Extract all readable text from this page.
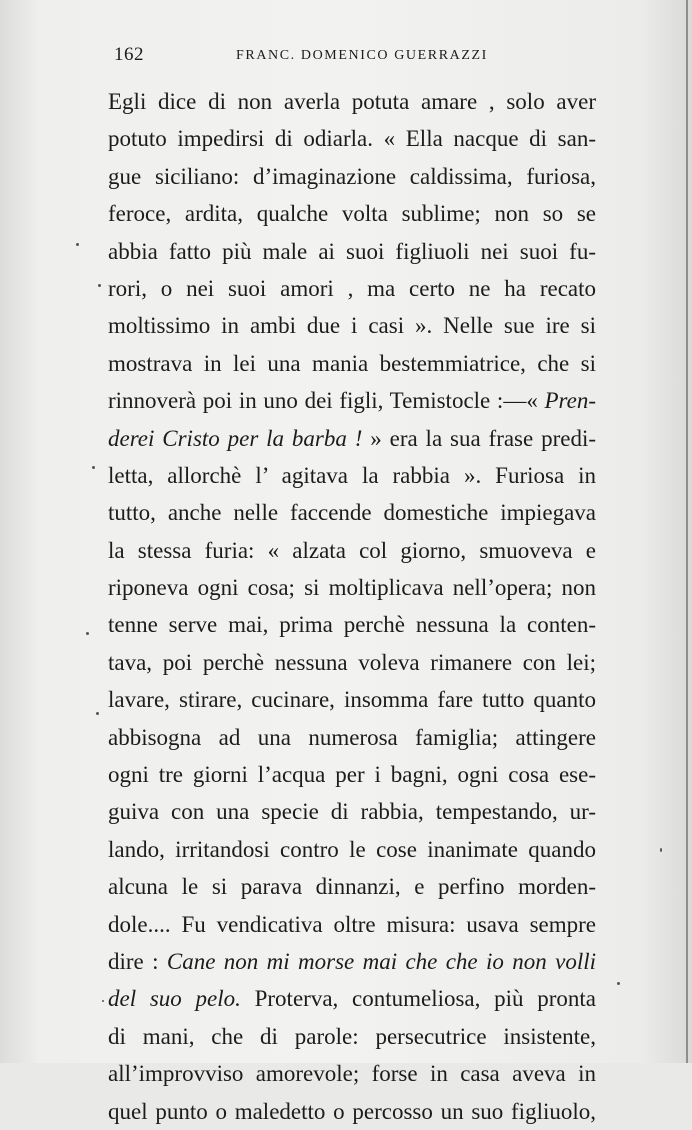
162	FRANC. DOMENICO GUERRAZZI
Egli dice di non averla potuta amare , solo aver
potuto impedirsi di odiarla. « Ella nacque di san-
gue siciliano: d’imaginazione caldissima, furiosa,
feroce, ardita, qualche volta sublime; non so se
abbia fatto più male ai suoi figliuoli nei suoi fu-
rori, o nei suoi amori , ma certo ne ha recato
moltissimo in ambi due i casi ». Nelle sue ire si
mostrava in lei una mania bestemmiatrice, che si
rinnoverà poi in uno dei figli, Temistocle :—« Pren-
derei Cristo per la barba ! » era la sua frase predi-
letta, allorchè l’ agitava la rabbia ». Furiosa in
tutto, anche nelle faccende domestiche impiegava
la stessa furia: « alzata col giorno, smuoveva e
riponeva ogni cosa; si moltiplicava nell’opera; non
tenne serve mai, prima perchè nessuna la conten-
tava, poi perchè nessuna voleva rimanere con lei;
lavare, stirare, cucinare, insomma fare tutto quanto
abbisogna ad una numerosa famiglia; attingere
ogni tre giorni l’acqua per i bagni, ogni cosa ese-
guiva con una specie di rabbia, tempestando, ur-
lando, irritandosi contro le cose inanimate quando
alcuna le si parava dinnanzi, e perfino morden-
dole.... Fu vendicativa oltre misura: usava sempre
dire : Cane non mi morse mai che che io non volli
del suo pelo. Proterva, contumeliosa, più pronta
di mani, che di parole: persecutrice insistente,
all’improvviso amorevole; forse in casa aveva in
quel punto o maledetto o percosso un suo figliuolo,
